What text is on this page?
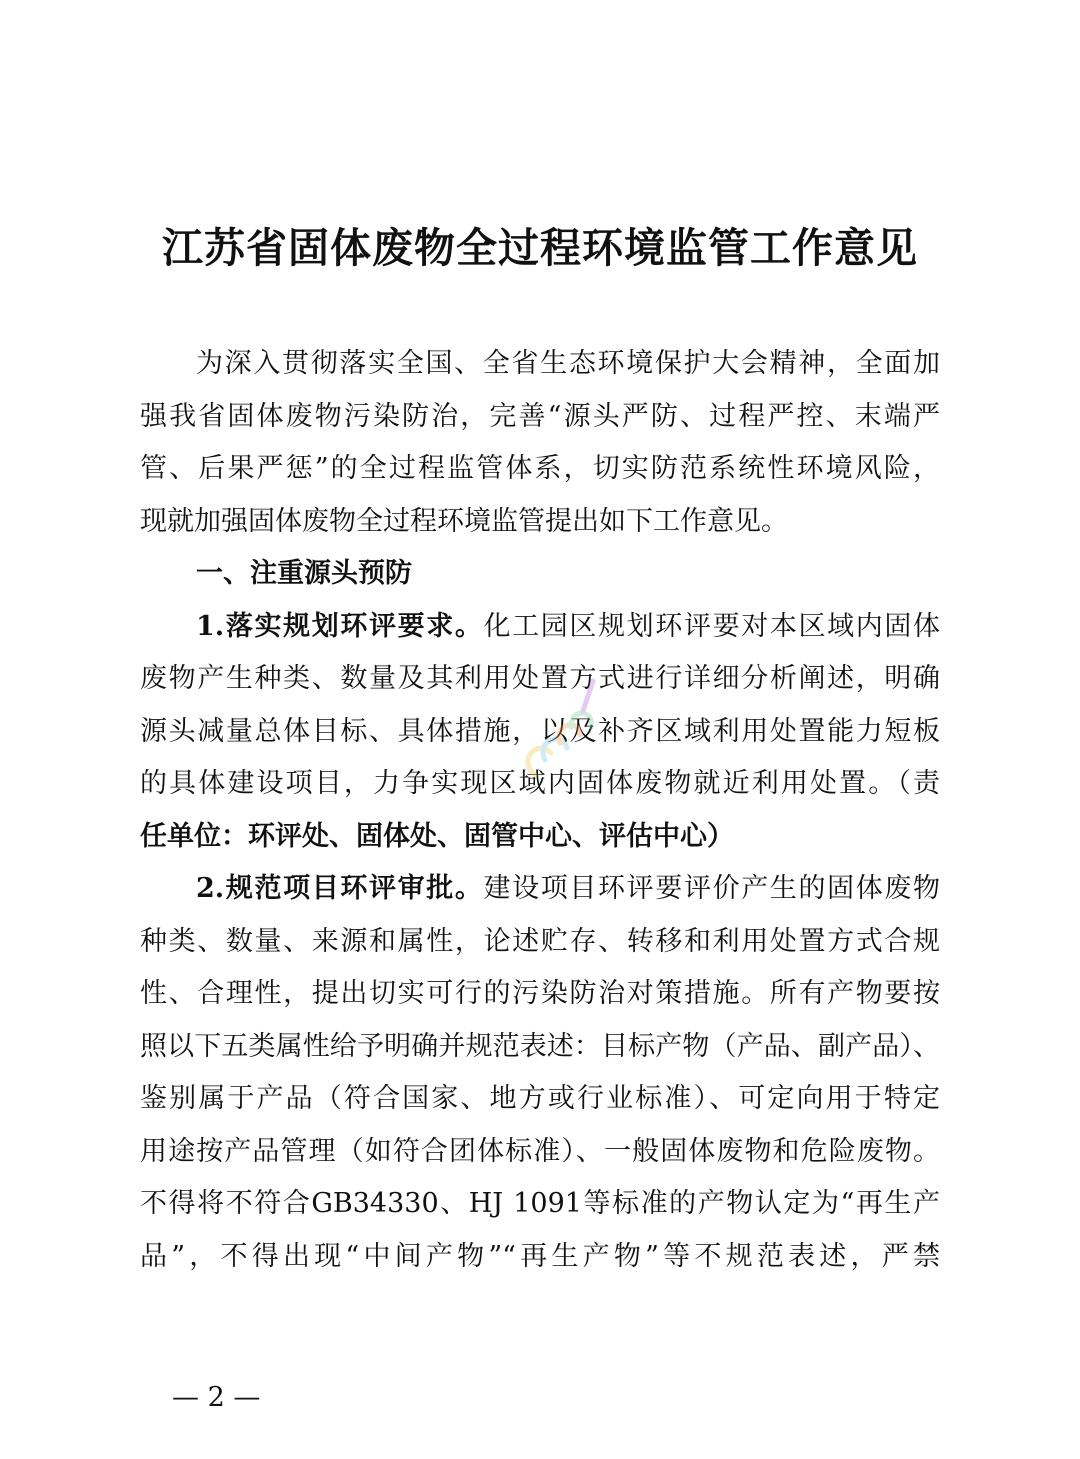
江苏省固体废物全过程环境监管工作意见
为深入贯彻落实全国、全省生态环境保护大会精神，全面加
强我省固体废物污染防治，完善“源头严防、过程严控、末端严
管、后果严惩”的全过程监管体系，切实防范系统性环境风险，
现就加强固体废物全过程环境监管提出如下工作意见。
一、注重源头预防
1.落实规划环评要求。化工园区规划环评要对本区域内固体
废物产生种类、数量及其利用处置方式进行详细分析阐述，明确
源头减量总体目标、具体措施，以及补齐区域利用处置能力短板
的具体建设项目，力争实现区域内固体废物就近利用处置。（责
任单位：环评处、固体处、固管中心、评估中心）
2.规范项目环评审批。建设项目环评要评价产生的固体废物
种类、数量、来源和属性，论述贮存、转移和利用处置方式合规
性、合理性，提出切实可行的污染防治对策措施。所有产物要按
照以下五类属性给予明确并规范表述：目标产物（产品、副产品）、
鉴别属于产品（符合国家、地方或行业标准）、可定向用于特定
用途按产品管理（如符合团体标准）、一般固体废物和危险废物。
不得将不符合GB34330、HJ 1091等标准的产物认定为“再生产
品”，不得出现“中间产物”“再生产物”等不规范表述，严禁
— 2 —
